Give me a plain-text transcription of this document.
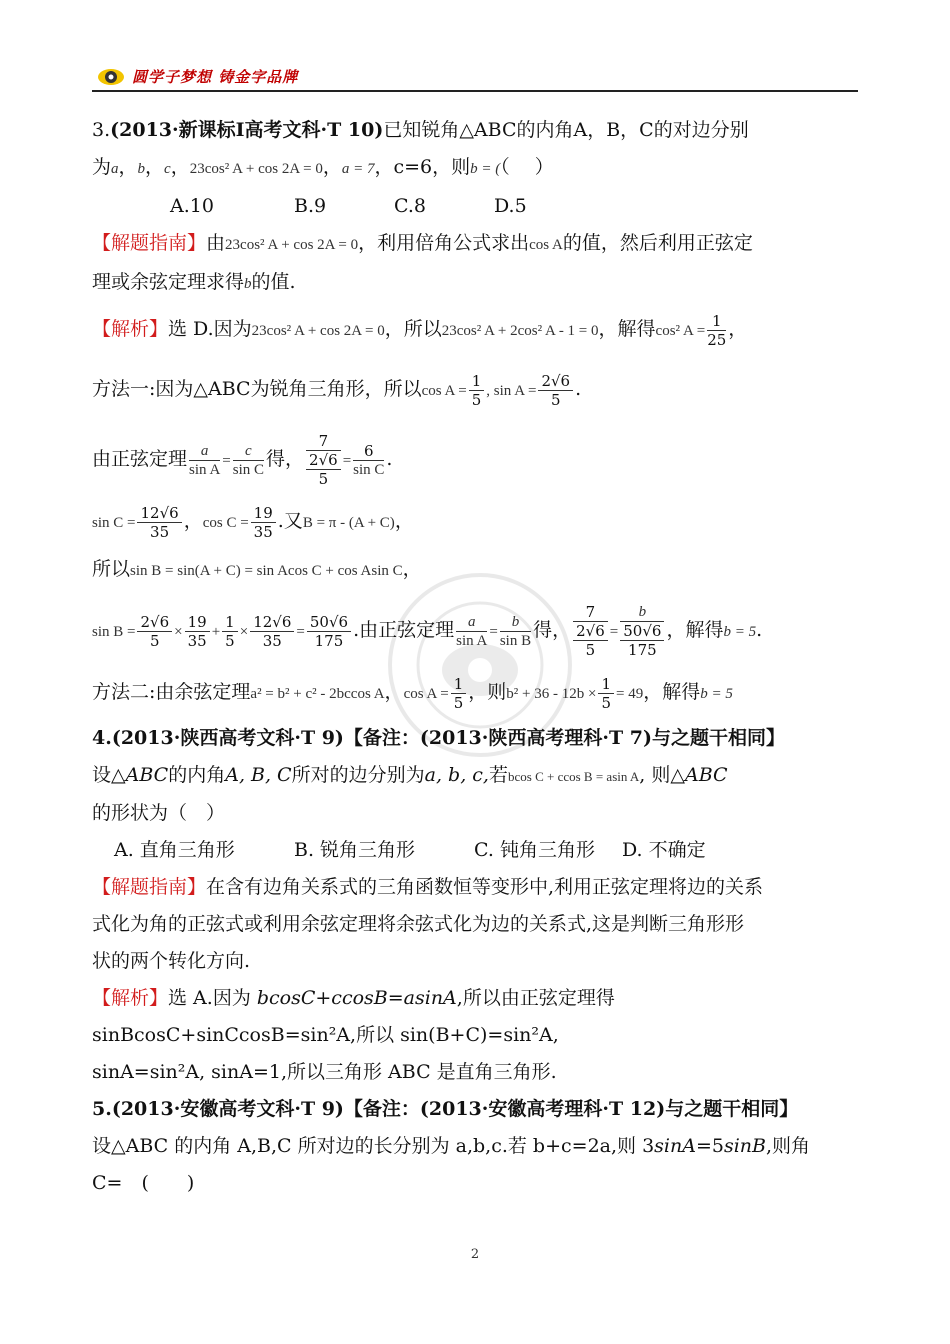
圆学子梦想 铸金字品牌
3.(2013·新课标Ⅰ高考文科·T 10)已知锐角△ABC的内角A，B，C的对边分别
为a，b，c，23cos² A + cos 2A = 0，a = 7，c=6，则b = (（　 ）
A.10	B.9	C.8	D.5
【解题指南】由23cos² A + cos 2A = 0，利用倍角公式求出cos A的值，然后利用正弦定
理或余弦定理求得b的值.
【解析】选 D.因为23cos² A + cos 2A = 0，所以23cos² A + 2cos² A - 1 = 0，解得cos² $A = \frac{1}{25}$ ，
方法一:因为△ABC为锐角三角形，所以$\cos A = \frac{1}{5}$ , $\sin A = \frac{2√6}{5}$ .
由正弦定理 $\frac{a}{\text{sin A}} = \frac{c}{\text{sin C}}$ 得， $\frac{7}{\frac{2√6}{5}} = \frac{6}{\text{sin C}}$ .
$\sin C = \frac{12√6}{35}$ ，$\cos C = \frac{19}{35}$ .又B = π - (A + C)，
所以sin B = sin(A + C) = sin Acos C + cos Asin C，
$\sin B = \frac{2√6}{5} \times \frac{19}{35} + \frac{1}{5} \times \frac{12√6}{35} = \frac{50√6}{175}$ .由正弦定理 $\frac{a}{\text{sin A}} = \frac{b}{\text{sin B}}$ 得， $\frac{7}{\frac{2√6}{5}} = \frac{b}{\frac{50√6}{175}}$ ，解得b = 5.
方法二:由余弦定理a² = b² + c² - 2bccos A，$\cos A = \frac{1}{5}$ ，则$b^2 + 36 - 12b \times \frac{1}{5} = 49$，解得b = 5
4.(2013·陕西高考文科·T 9)【备注：(2013·陕西高考理科·T 7)与之题干相同】
设△ABC的内角A, B, C所对的边分别为a, b, c,若bcos C + ccos B = asin A, 则△ABC
的形状为（　）
A. 直角三角形	B. 锐角三角形	C. 钝角三角形 D. 不确定
【解题指南】在含有边角关系式的三角函数恒等变形中,利用正弦定理将边的关系
式化为角的正弦式或利用余弦定理将余弦式化为边的关系式,这是判断三角形形
状的两个转化方向.
【解析】选 A.因为 bcosC+ccosB=asinA,所以由正弦定理得
sinBcosC+sinCcosB=sin²A,所以 sin(B+C)=sin²A,
sinA=sin²A, sinA=1,所以三角形 ABC 是直角三角形.
5.(2013·安徽高考文科·T 9)【备注：(2013·安徽高考理科·T 12)与之题干相同】
设△ABC 的内角 A,B,C 所对边的长分别为 a,b,c.若 b+c=2a,则 3sinA=5sinB,则角
C=　(　　)
2
